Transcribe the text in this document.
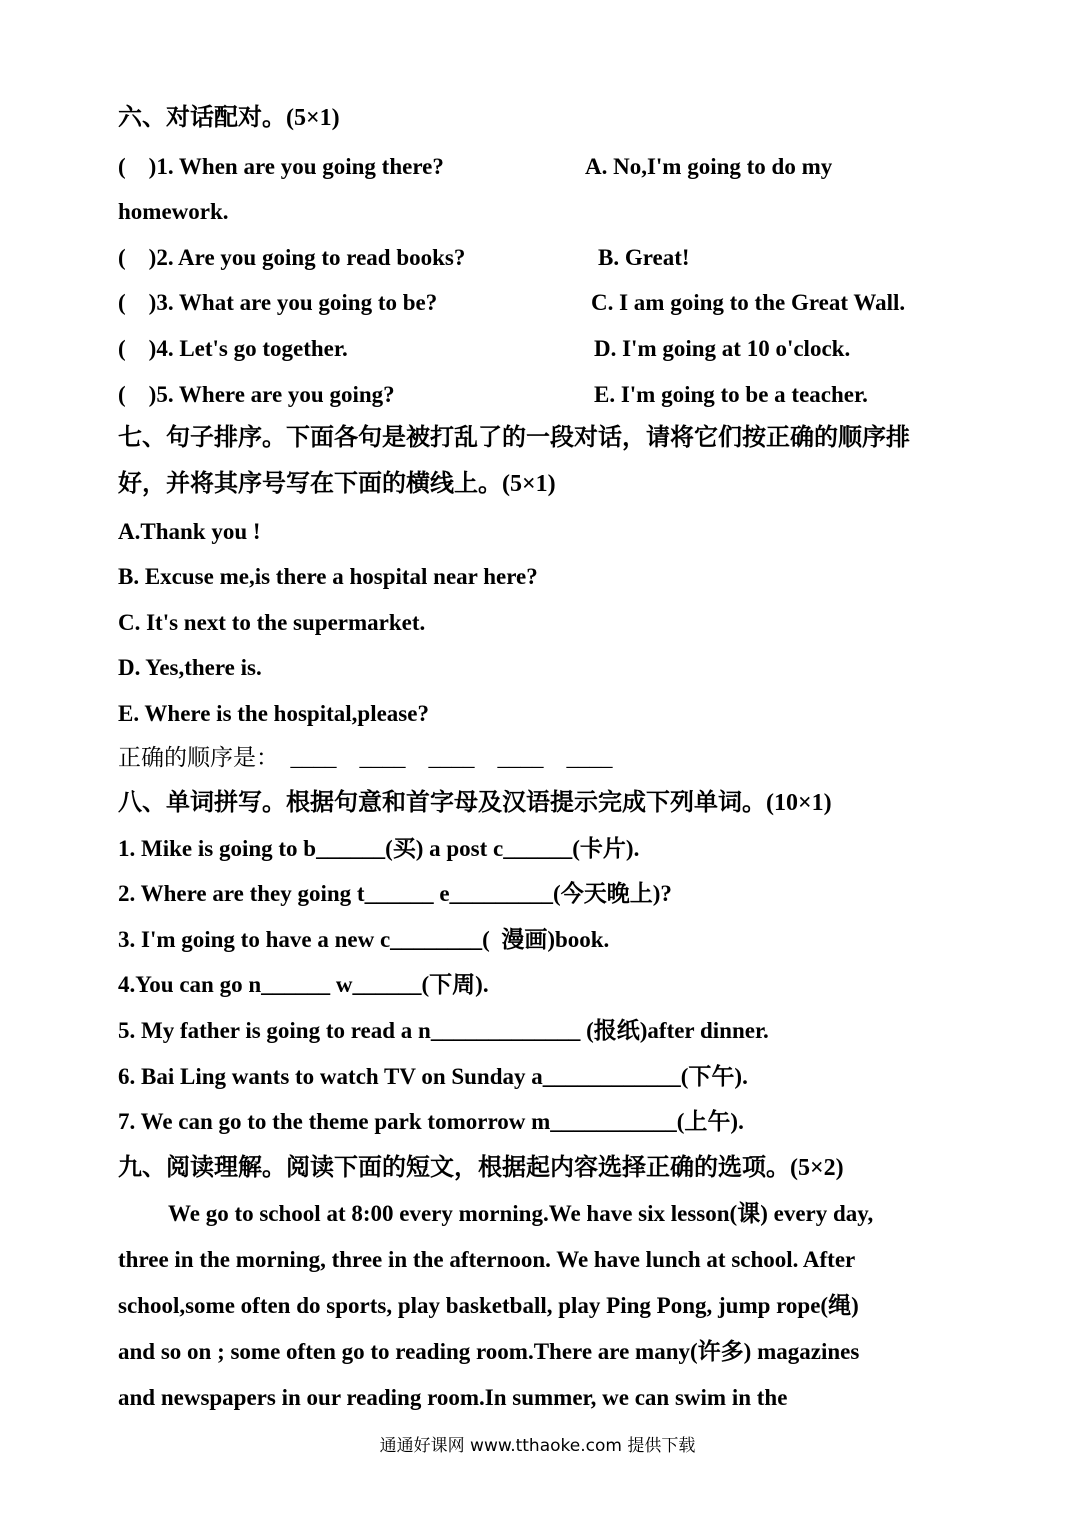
六、对话配对。(5×1)
(    )1. When are you going there?	A. No,I'm going to do my
homework.
(    )2. Are you going to read books?	B. Great!
(    )3. What are you going to be?	C. I am going to the Great Wall.
(    )4. Let's go together.	D. I'm going at 10 o'clock.
(    )5. Where are you going?	E. I'm going to be a teacher.
七、句子排序。下面各句是被打乱了的一段对话，请将它们按正确的顺序排
好，并将其序号写在下面的横线上。(5×1)
A.Thank you !
B. Excuse me,is there a hospital near here?
C. It's next to the supermarket.
D. Yes,there is.
E. Where is the hospital,please?
正确的顺序是：  ____    ____    ____    ____    ____
八、单词拼写。根据句意和首字母及汉语提示完成下列单词。(10×1)
1. Mike is going to b______(买) a post c______(卡片).
2. Where are they going t______ e_________(今天晚上)?
3. I'm going to have a new c________(  漫画)book.
4.You can go n______ w______(下周).
5. My father is going to read a n_____________ (报纸)after dinner.
6. Bai Ling wants to watch TV on Sunday a____________(下午).
7. We can go to the theme park tomorrow m___________(上午).
九、阅读理解。阅读下面的短文，根据起内容选择正确的选项。(5×2)
We go to school at 8:00 every morning.We have six lesson(课) every day,
three in the morning, three in the afternoon. We have lunch at school. After
school,some often do sports, play basketball, play Ping Pong, jump rope(绳)
and so on ; some often go to reading room.There are many(许多) magazines
and newspapers in our reading room.In summer, we can swim in the
通通好课网 www.tthaoke.com 提供下载
